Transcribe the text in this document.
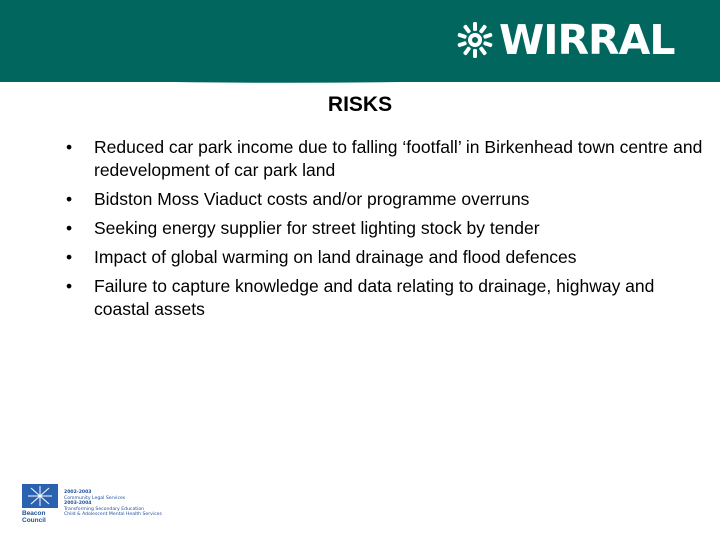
WIRRAL
RISKS
• Reduced car park income due to falling ‘footfall’ in Birkenhead town centre and redevelopment of car park land
• Bidston Moss Viaduct costs and/or programme overruns
• Seeking energy supplier for street lighting stock by tender
• Impact of global warming on land drainage and flood defences
• Failure to capture knowledge and data relating to drainage, highway and coastal assets
Beacon
Council
2002-2003
Community Legal Services
2003-2004
Transforming Secondary Education
Child & Adolescent Mental Health Services
